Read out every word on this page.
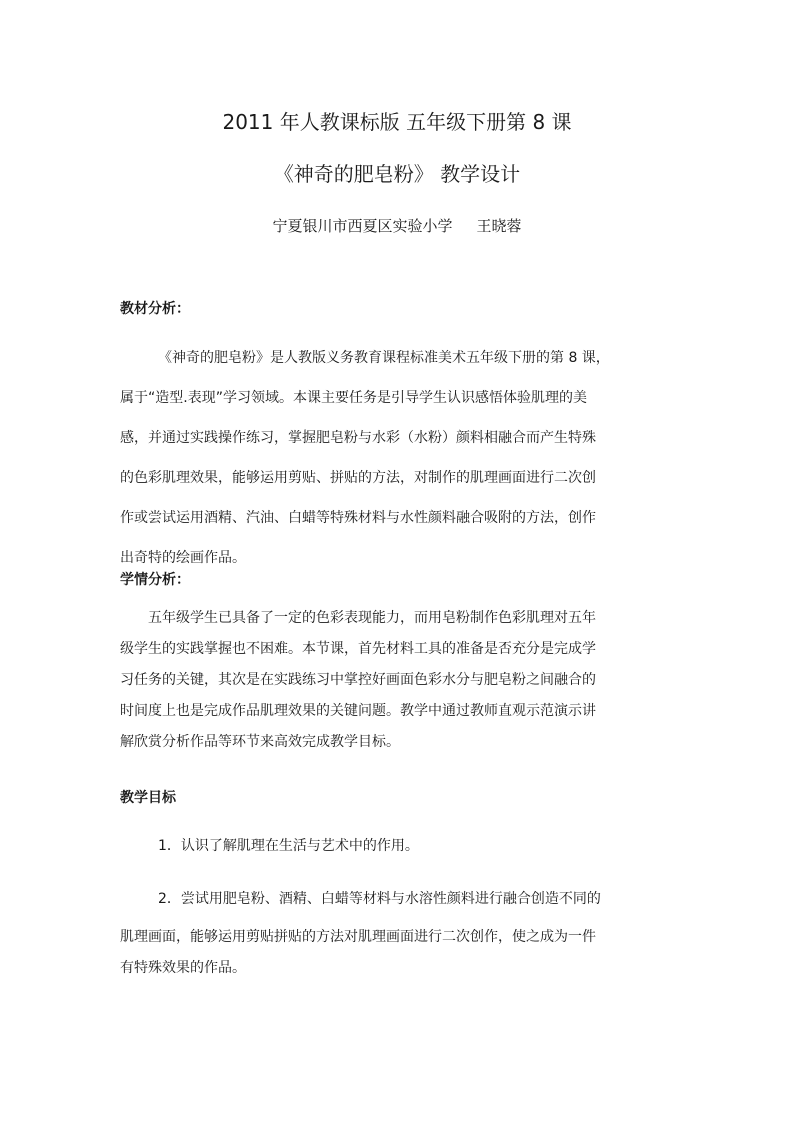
2011 年人教课标版 五年级下册第 8 课
《神奇的肥皂粉》 教学设计
宁夏银川市西夏区实验小学 王晓蓉
教材分析：
《神奇的肥皂粉》是人教版义务教育课程标准美术五年级下册的第 8 课，
属于“造型.表现”学习领域。本课主要任务是引导学生认识感悟体验肌理的美
感，并通过实践操作练习，掌握肥皂粉与水彩（水粉）颜料相融合而产生特殊
的色彩肌理效果，能够运用剪贴、拼贴的方法，对制作的肌理画面进行二次创
作或尝试运用酒精、汽油、白蜡等特殊材料与水性颜料融合吸附的方法，创作
出奇特的绘画作品。
学情分析：
五年级学生已具备了一定的色彩表现能力，而用皂粉制作色彩肌理对五年
级学生的实践掌握也不困难。本节课，首先材料工具的准备是否充分是完成学
习任务的关键，其次是在实践练习中掌控好画面色彩水分与肥皂粉之间融合的
时间度上也是完成作品肌理效果的关键问题。教学中通过教师直观示范演示讲
解欣赏分析作品等环节来高效完成教学目标。
教学目标
1．认识了解肌理在生活与艺术中的作用。
2．尝试用肥皂粉、酒精、白蜡等材料与水溶性颜料进行融合创造不同的
肌理画面，能够运用剪贴拼贴的方法对肌理画面进行二次创作，使之成为一件
有特殊效果的作品。
